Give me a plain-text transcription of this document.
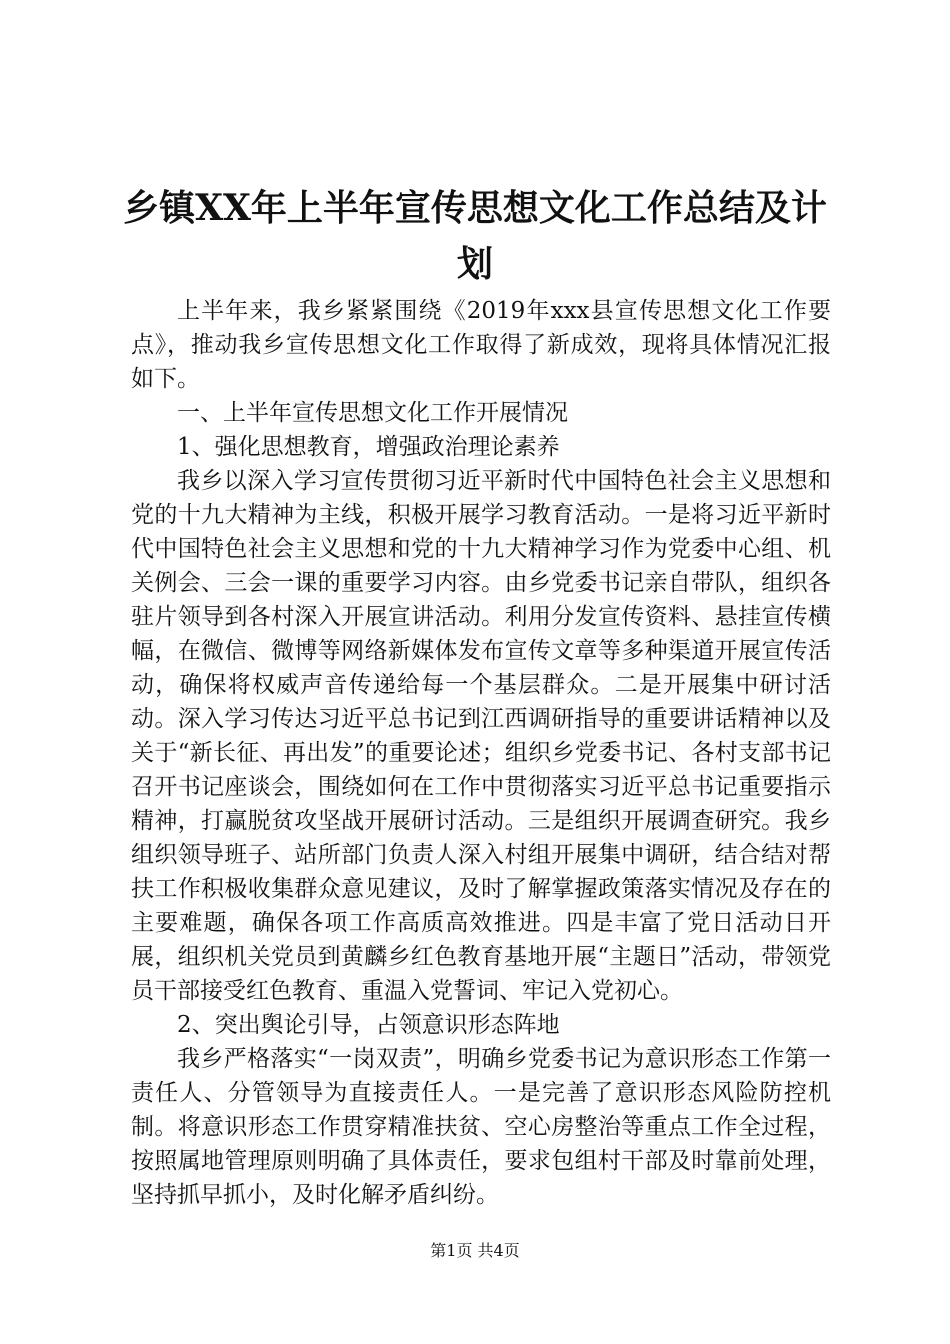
乡镇XX年上半年宣传思想文化工作总结及计划

上半年来，我乡紧紧围绕《2019年xxx县宣传思想文化工作要点》，推动我乡宣传思想文化工作取得了新成效，现将具体情况汇报如下。

一、上半年宣传思想文化工作开展情况

1、强化思想教育，增强政治理论素养

我乡以深入学习宣传贯彻习近平新时代中国特色社会主义思想和党的十九大精神为主线，积极开展学习教育活动。一是将习近平新时代中国特色社会主义思想和党的十九大精神学习作为党委中心组、机关例会、三会一课的重要学习内容。由乡党委书记亲自带队，组织各驻片领导到各村深入开展宣讲活动。利用分发宣传资料、悬挂宣传横幅，在微信、微博等网络新媒体发布宣传文章等多种渠道开展宣传活动，确保将权威声音传递给每一个基层群众。二是开展集中研讨活动。深入学习传达习近平总书记到江西调研指导的重要讲话精神以及关于“新长征、再出发”的重要论述；组织乡党委书记、各村支部书记召开书记座谈会，围绕如何在工作中贯彻落实习近平总书记重要指示精神，打赢脱贫攻坚战开展研讨活动。三是组织开展调查研究。我乡组织领导班子、站所部门负责人深入村组开展集中调研，结合结对帮扶工作积极收集群众意见建议，及时了解掌握政策落实情况及存在的主要难题，确保各项工作高质高效推进。四是丰富了党日活动日开展，组织机关党员到黄麟乡红色教育基地开展“主题日”活动，带领党员干部接受红色教育、重温入党誓词、牢记入党初心。

2、突出舆论引导，占领意识形态阵地

我乡严格落实“一岗双责”，明确乡党委书记为意识形态工作第一责任人、分管领导为直接责任人。一是完善了意识形态风险防控机制。将意识形态工作贯穿精准扶贫、空心房整治等重点工作全过程，按照属地管理原则明确了具体责任，要求包组村干部及时靠前处理，坚持抓早抓小，及时化解矛盾纠纷。

第1页 共4页
